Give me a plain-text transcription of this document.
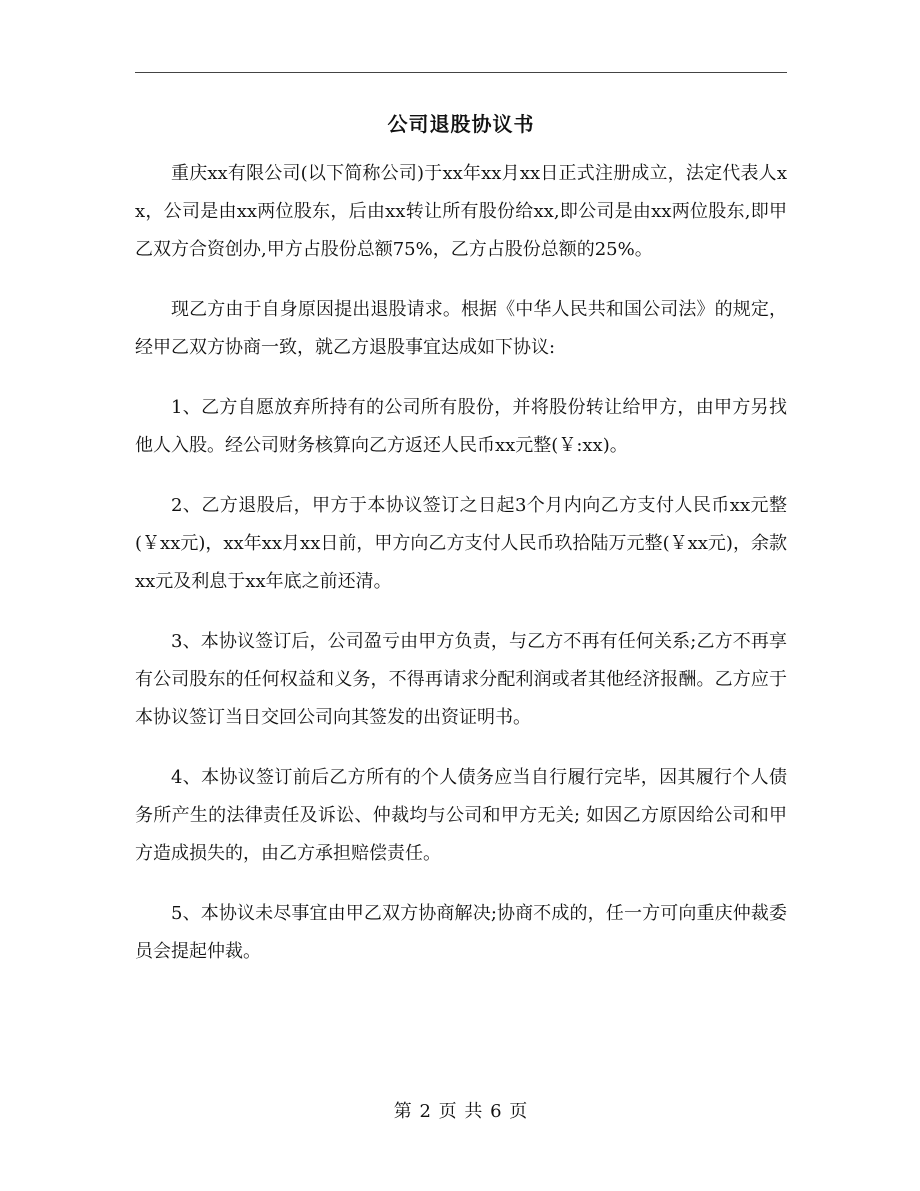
公司退股协议书

重庆xx有限公司(以下简称公司)于xx年xx月xx日正式注册成立，法定代表人xx，公司是由xx两位股东，后由xx转让所有股份给xx,即公司是由xx两位股东,即甲乙双方合资创办,甲方占股份总额75%，乙方占股份总额的25%。

现乙方由于自身原因提出退股请求。根据《中华人民共和国公司法》的规定，经甲乙双方协商一致，就乙方退股事宜达成如下协议:

1、乙方自愿放弃所持有的公司所有股份，并将股份转让给甲方，由甲方另找他人入股。经公司财务核算向乙方返还人民币xx元整(￥:xx)。

2、乙方退股后，甲方于本协议签订之日起3个月内向乙方支付人民币xx元整(￥xx元)，xx年xx月xx日前，甲方向乙方支付人民币玖拾陆万元整(￥xx元)，余款xx元及利息于xx年底之前还清。

3、本协议签订后，公司盈亏由甲方负责，与乙方不再有任何关系;乙方不再享有公司股东的任何权益和义务，不得再请求分配利润或者其他经济报酬。乙方应于本协议签订当日交回公司向其签发的出资证明书。

4、本协议签订前后乙方所有的个人债务应当自行履行完毕，因其履行个人债务所产生的法律责任及诉讼、仲裁均与公司和甲方无关; 如因乙方原因给公司和甲方造成损失的，由乙方承担赔偿责任。

5、本协议未尽事宜由甲乙双方协商解决;协商不成的，任一方可向重庆仲裁委员会提起仲裁。

第 2 页 共 6 页
